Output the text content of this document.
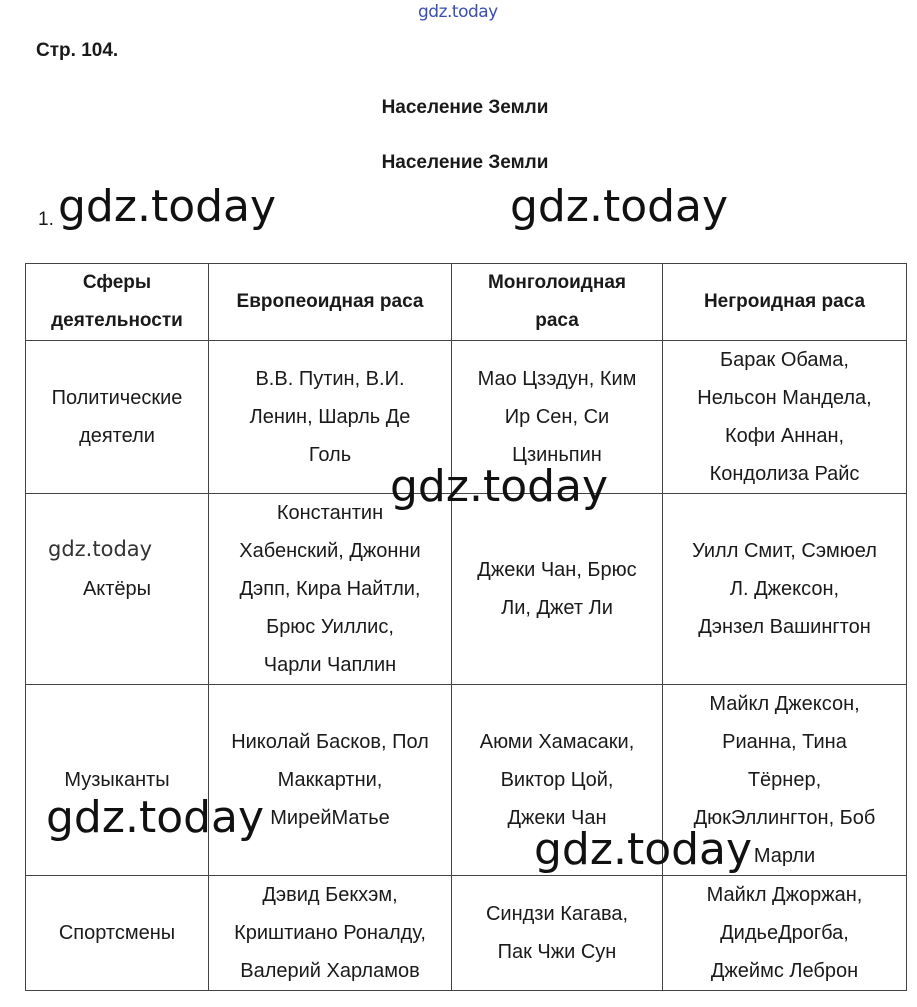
gdz.today
Стр. 104.
Население Земли
Население Земли
1.
Сферы
деятельности	Европеоидная раса	Монголоидная
раса	Негроидная раса

Политические
деятели	В.В. Путин, В.И.
Ленин, Шарль Де
Голь	Мао Цзэдун, Ким
Ир Сен, Си
Цзиньпин	Барак Обама,
Нельсон Мандела,
Кофи Аннан,
Кондолиза Райс

Актёры	Константин
Хабенский, Джонни
Дэпп, Кира Найтли,
Брюс Уиллис,
Чарли Чаплин	Джеки Чан, Брюс
Ли, Джет Ли	Уилл Смит, Сэмюел
Л. Джексон,
Дэнзел Вашингтон

Музыканты	Николай Басков, Пол
Маккартни,
МирейМатье	Аюми Хамасаки,
Виктор Цой,
Джеки Чан	Майкл Джексон,
Рианна, Тина
Тёрнер,
ДюкЭллингтон, Боб
Марли

Спортсмены	Дэвид Бекхэм,
Криштиано Роналду,
Валерий Харламов	Синдзи Кагава,
Пак Чжи Сун	Майкл Джоржан,
ДидьеДрогба,
Джеймс Леброн
gdz.today	gdz.today
gdz.today
gdz.today
gdz.today
gdz.today
